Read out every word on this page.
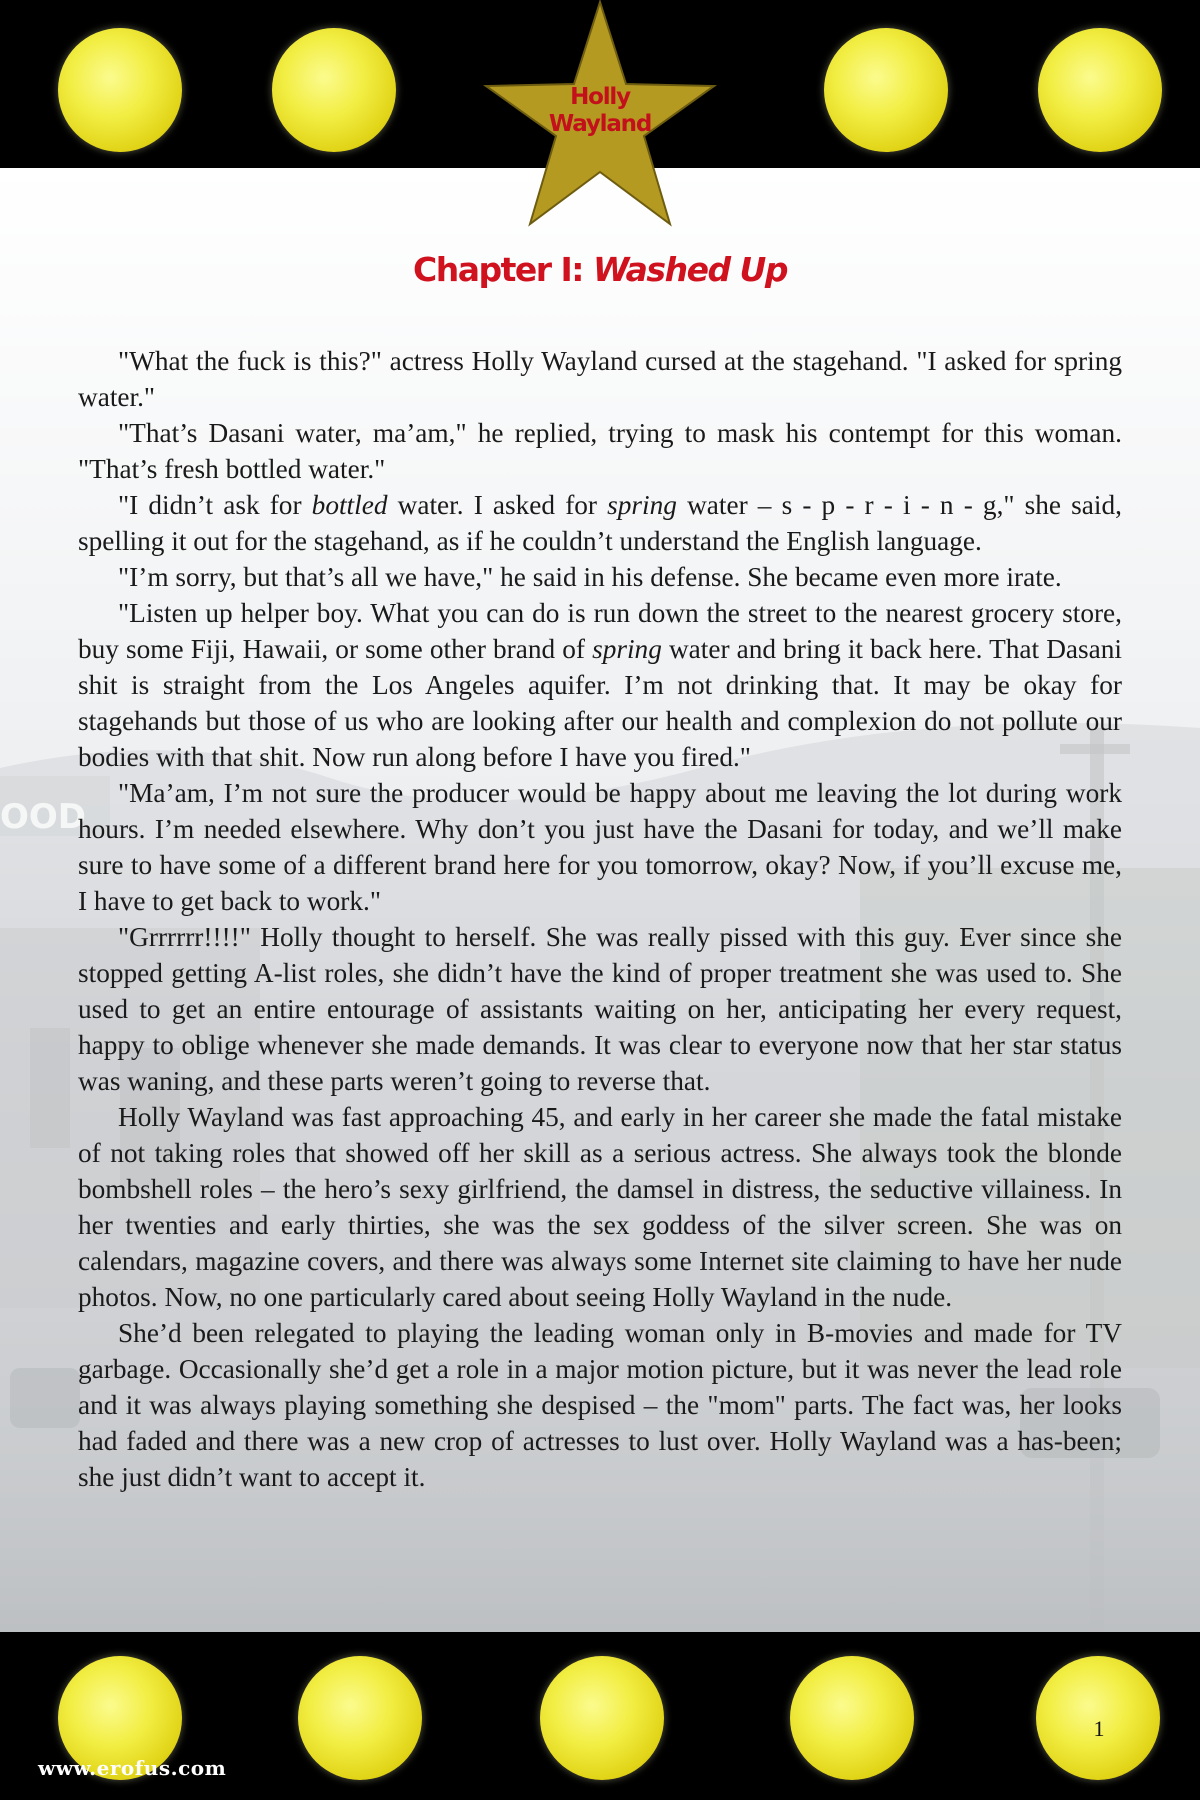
OOD
Holly
Wayland
Chapter I: Washed Up

"What the fuck is this?" actress Holly Wayland cursed at the stagehand. "I asked for spring water."

"That’s Dasani water, ma’am," he replied, trying to mask his contempt for this woman. "That’s fresh bottled water."

"I didn’t ask for bottled water. I asked for spring water – s - p - r - i - n - g," she said, spelling it out for the stagehand, as if he couldn’t understand the English language.

"I’m sorry, but that’s all we have," he said in his defense. She became even more irate.

"Listen up helper boy. What you can do is run down the street to the nearest grocery store, buy some Fiji, Hawaii, or some other brand of spring water and bring it back here. That Dasani shit is straight from the Los Angeles aquifer. I’m not drinking that. It may be okay for stagehands but those of us who are looking after our health and complexion do not pollute our bodies with that shit. Now run along before I have you fired."

"Ma’am, I’m not sure the producer would be happy about me leaving the lot during work hours. I’m needed elsewhere. Why don’t you just have the Dasani for today, and we’ll make sure to have some of a different brand here for you tomorrow, okay? Now, if you’ll excuse me, I have to get back to work."

"Grrrrrr!!!!" Holly thought to herself. She was really pissed with this guy. Ever since she stopped getting A-list roles, she didn’t have the kind of proper treatment she was used to. She used to get an entire entourage of assistants waiting on her, anticipating her every request, happy to oblige whenever she made demands. It was clear to everyone now that her star status was waning, and these parts weren’t going to reverse that.

Holly Wayland was fast approaching 45, and early in her career she made the fatal mistake of not taking roles that showed off her skill as a serious actress. She always took the blonde bombshell roles – the hero’s sexy girlfriend, the damsel in distress, the seductive villainess. In her twenties and early thirties, she was the sex goddess of the silver screen. She was on calendars, magazine covers, and there was always some Internet site claiming to have her nude photos. Now, no one particularly cared about seeing Holly Wayland in the nude.

She’d been relegated to playing the leading woman only in B-movies and made for TV garbage. Occasionally she’d get a role in a major motion picture, but it was never the lead role and it was always playing something she despised – the "mom" parts. The fact was, her looks had faded and there was a new crop of actresses to lust over. Holly Wayland was a has-been; she just didn’t want to accept it.

1
www.erofus.com
